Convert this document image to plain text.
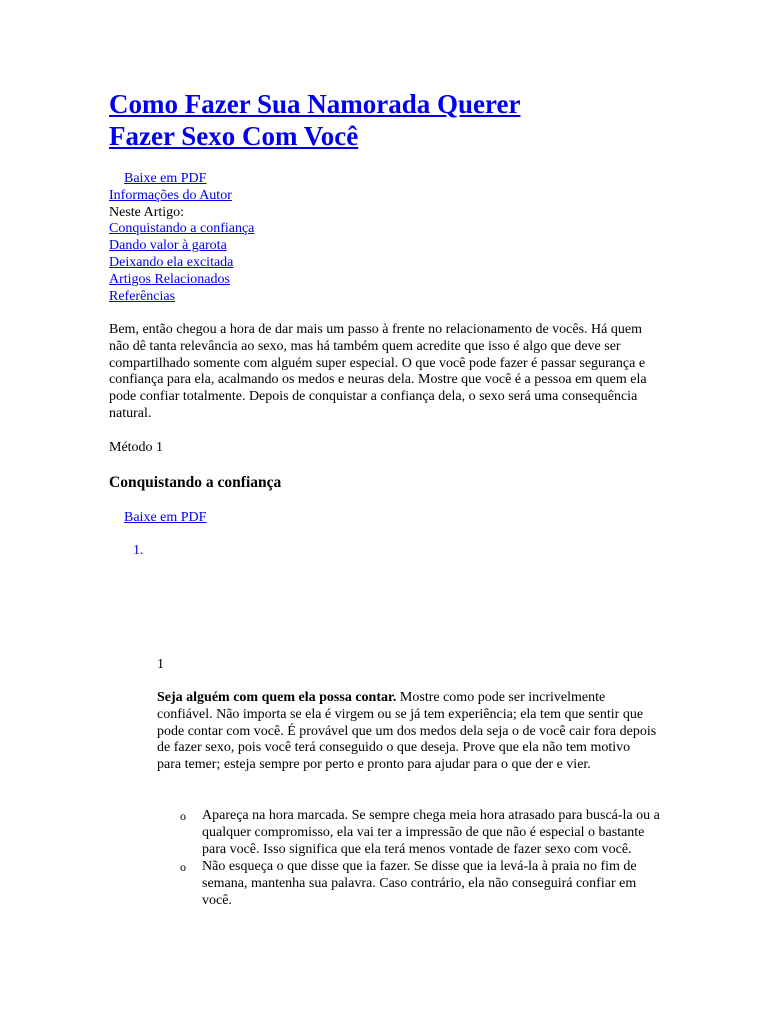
Como Fazer Sua Namorada Querer
Fazer Sexo Com Você
Baixe em PDF
Informações do Autor
Neste Artigo:
Conquistando a confiança
Dando valor à garota
Deixando ela excitada
Artigos Relacionados
Referências

Bem, então chegou a hora de dar mais um passo à frente no relacionamento de vocês. Há quem não dê tanta relevância ao sexo, mas há também quem acredite que isso é algo que deve ser compartilhado somente com alguém super especial. O que você pode fazer é passar segurança e confiança para ela, acalmando os medos e neuras dela. Mostre que você é a pessoa em quem ela pode confiar totalmente. Depois de conquistar a confiança dela, o sexo será uma consequência natural.

Método 1
Conquistando a confiança
Baixe em PDF
1.
1

Seja alguém com quem ela possa contar. Mostre como pode ser incrivelmente confiável. Não importa se ela é virgem ou se já tem experiência; ela tem que sentir que pode contar com você. É provável que um dos medos dela seja o de você cair fora depois de fazer sexo, pois você terá conseguido o que deseja. Prove que ela não tem motivo para temer; esteja sempre por perto e pronto para ajudar para o que der e vier.

o Apareça na hora marcada. Se sempre chega meia hora atrasado para buscá-la ou a qualquer compromisso, ela vai ter a impressão de que não é especial o bastante para você. Isso significa que ela terá menos vontade de fazer sexo com você.
o Não esqueça o que disse que ia fazer. Se disse que ia levá-la à praia no fim de semana, mantenha sua palavra. Caso contrário, ela não conseguirá confiar em você.
